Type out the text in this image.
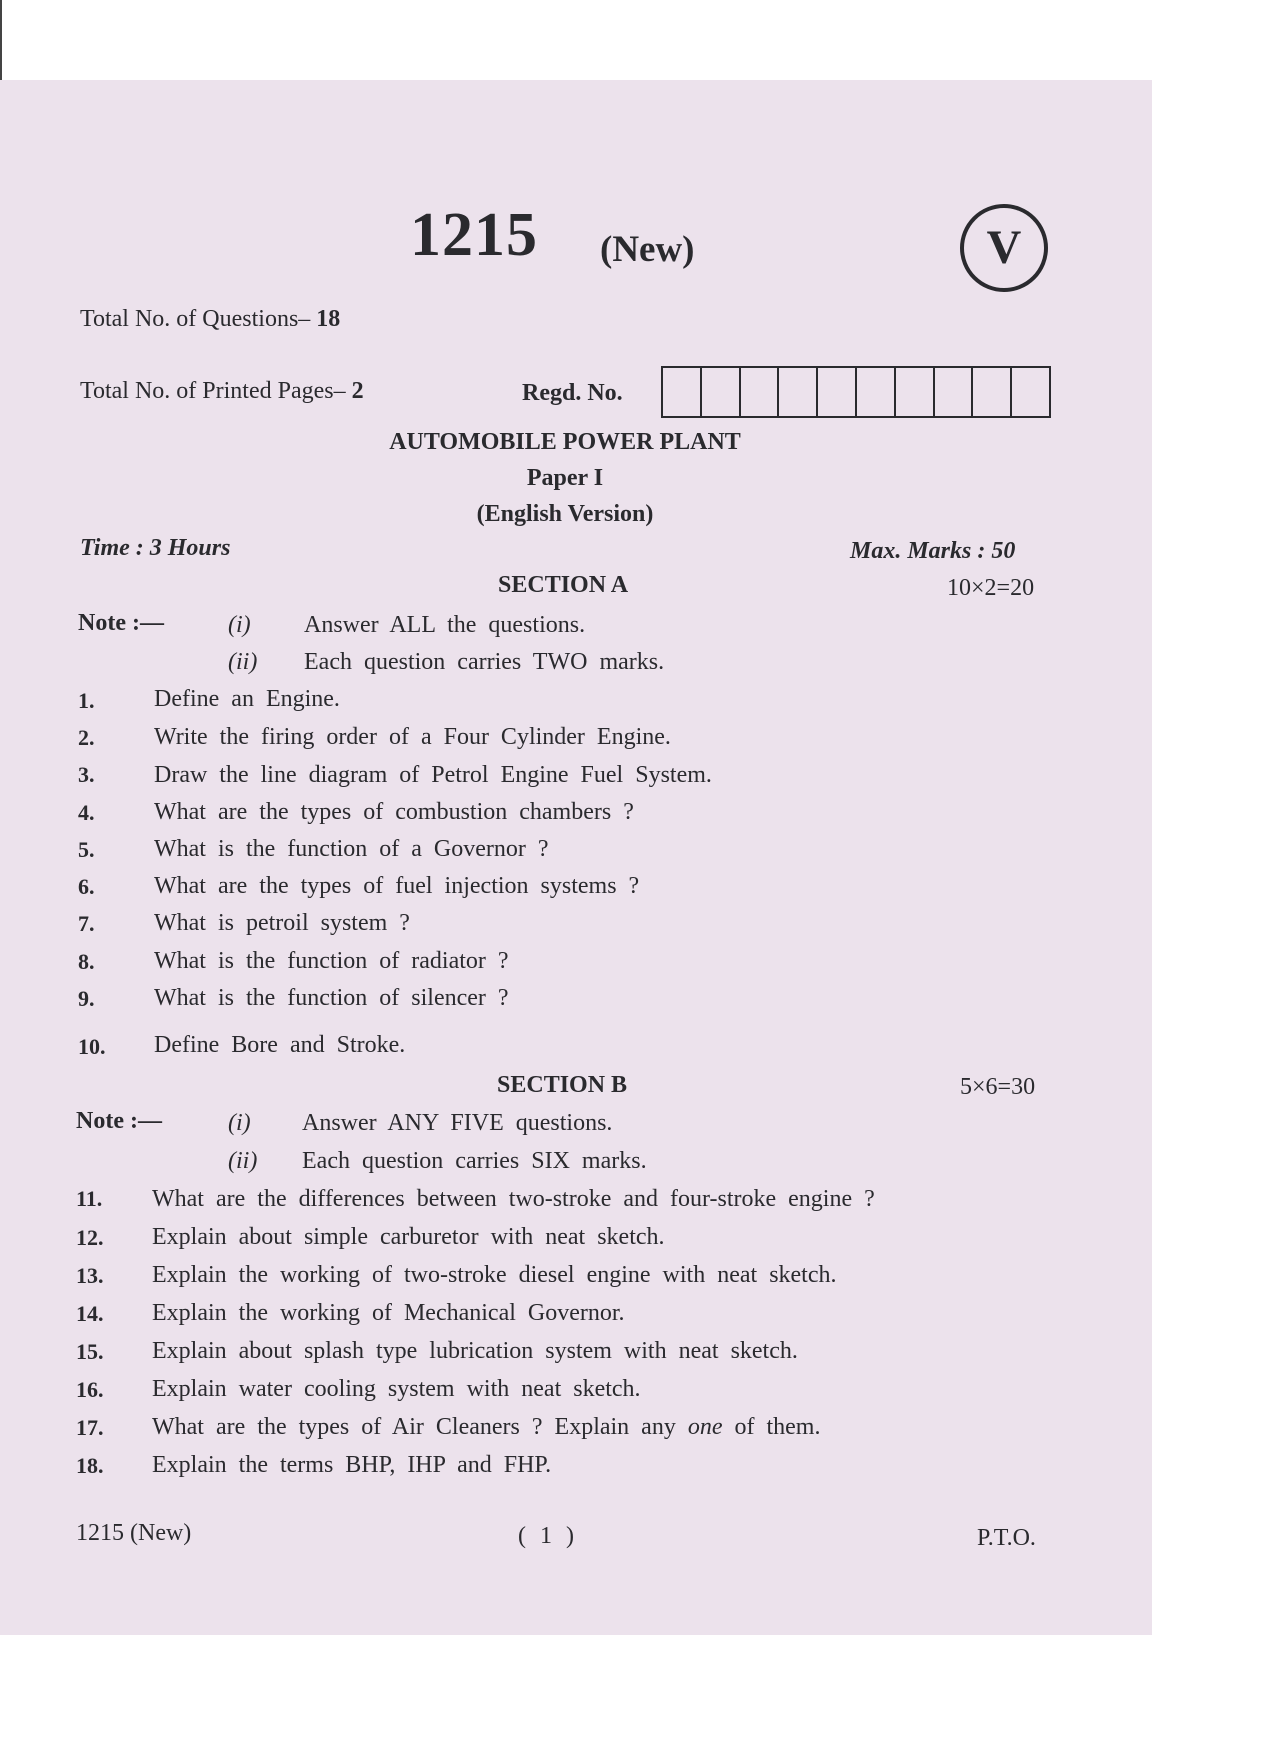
1215 (New)	V
Total No. of Questions– 18
Total No. of Printed Pages– 2	Regd. No.
AUTOMOBILE POWER PLANT
Paper I
(English Version)
Time : 3 Hours	Max. Marks : 50
SECTION A	10×2=20
Note :—	(i) Answer ALL the questions.
(ii) Each question carries TWO marks.
1. Define an Engine.
2. Write the firing order of a Four Cylinder Engine.
3. Draw the line diagram of Petrol Engine Fuel System.
4. What are the types of combustion chambers ?
5. What is the function of a Governor ?
6. What are the types of fuel injection systems ?
7. What is petroil system ?
8. What is the function of radiator ?
9. What is the function of silencer ?
10. Define Bore and Stroke.
SECTION B	5×6=30
Note :—	(i) Answer ANY FIVE questions.
(ii) Each question carries SIX marks.
11. What are the differences between two-stroke and four-stroke engine ?
12. Explain about simple carburetor with neat sketch.
13. Explain the working of two-stroke diesel engine with neat sketch.
14. Explain the working of Mechanical Governor.
15. Explain about splash type lubrication system with neat sketch.
16. Explain water cooling system with neat sketch.
17. What are the types of Air Cleaners ? Explain any one of them.
18. Explain the terms BHP, IHP and FHP.
1215 (New)	( 1 )	P.T.O.
